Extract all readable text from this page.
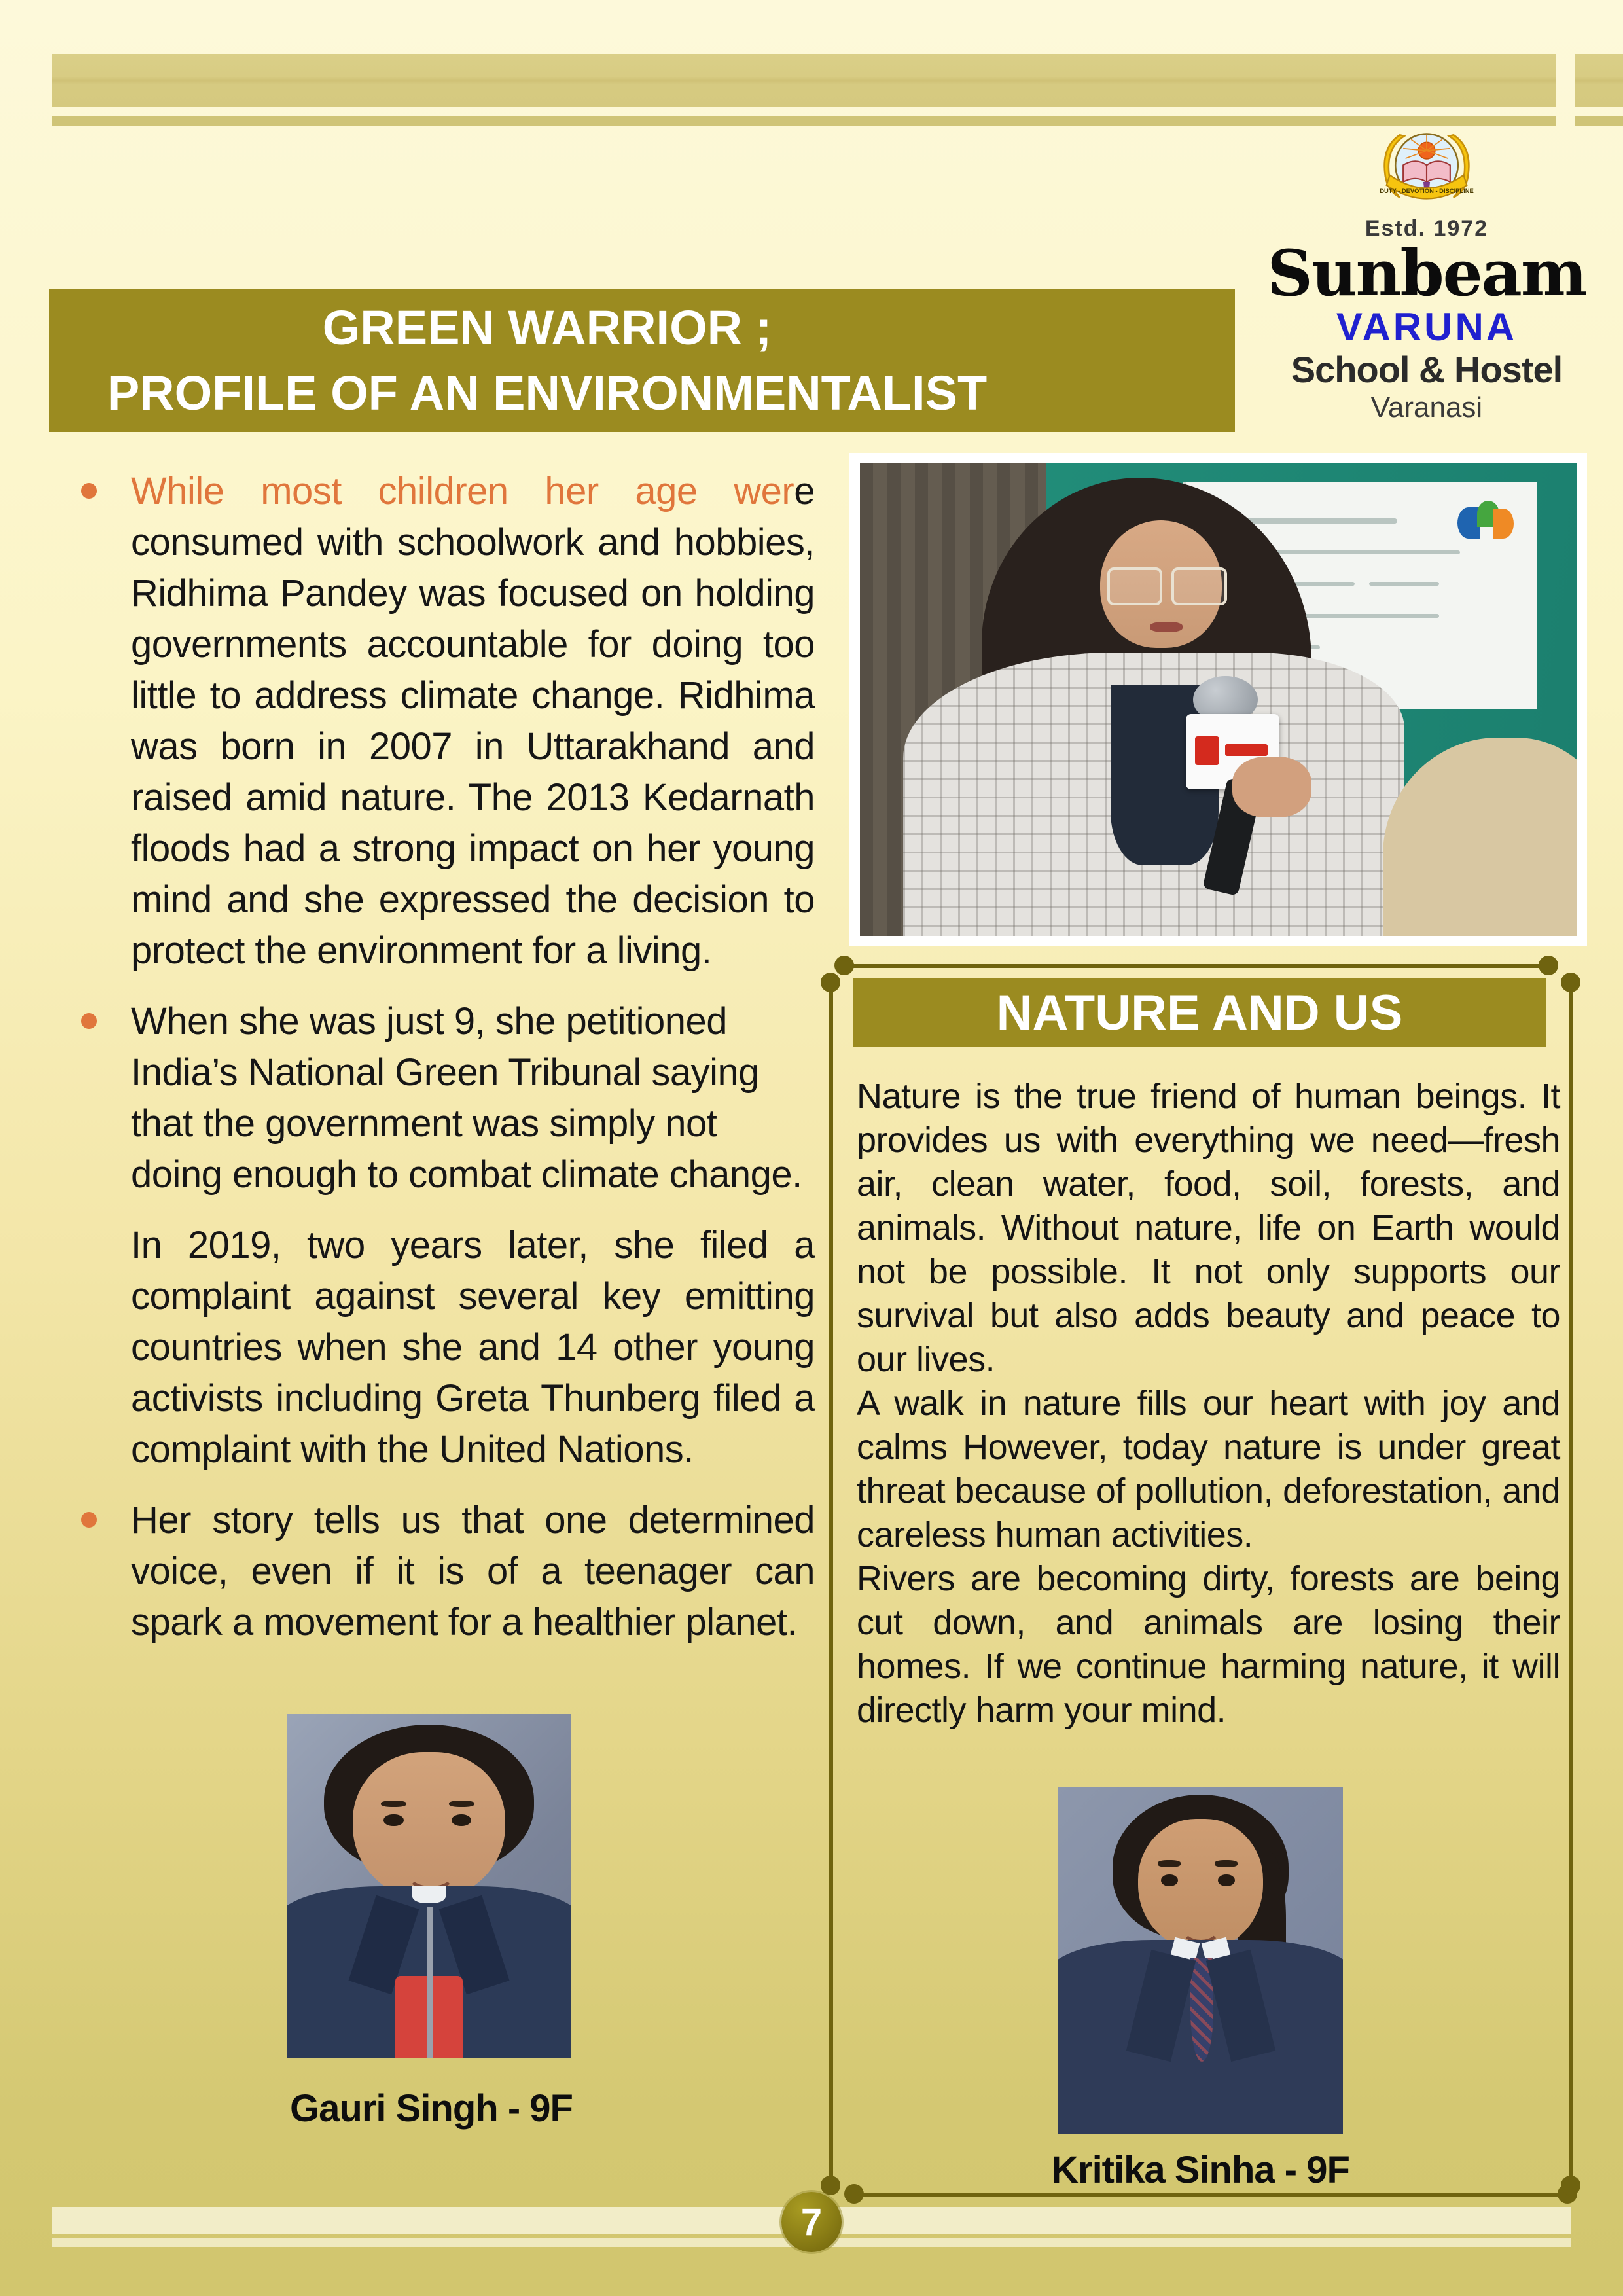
DUTY - DEVOTION - DISCIPLINE
Estd. 1972
Sunbeam
VARUNA
School & Hostel
Varanasi
GREEN WARRIOR ;
PROFILE OF AN ENVIRONMENTALIST
While most children her age were consumed with schoolwork and hobbies, Ridhima Pandey was focused on holding governments accountable for doing too little to address climate change. Ridhima was born in 2007 in Uttarakhand and raised amid nature. The 2013 Kedarnath floods had a strong impact on her young mind and she expressed the decision to protect the environment for a living.
When she was just 9, she petitioned India’s National Green Tribunal saying that the government was simply not doing enough to combat climate change.
In 2019, two years later, she filed a complaint against several key emitting countries when she and 14 other young activists including Greta Thunberg filed a complaint with the United Nations.
Her story tells us that one determined voice, even if it is of a teenager can spark a movement for a healthier planet.
NATURE AND US

Nature is the true friend of human beings. It provides us with everything we need—fresh air, clean water, food, soil, forests, and animals. Without nature, life on Earth would not be possible. It not only supports our survival but also adds beauty and peace to our lives.

A walk in nature fills our heart with joy and calms However, today nature is under great threat because of pollution, deforestation, and careless human activities.

Rivers are becoming dirty, forests are being cut down, and animals are losing their homes. If we continue harming nature, it will directly harm your mind.

Gauri Singh - 9F
Kritika Sinha - 9F
7
